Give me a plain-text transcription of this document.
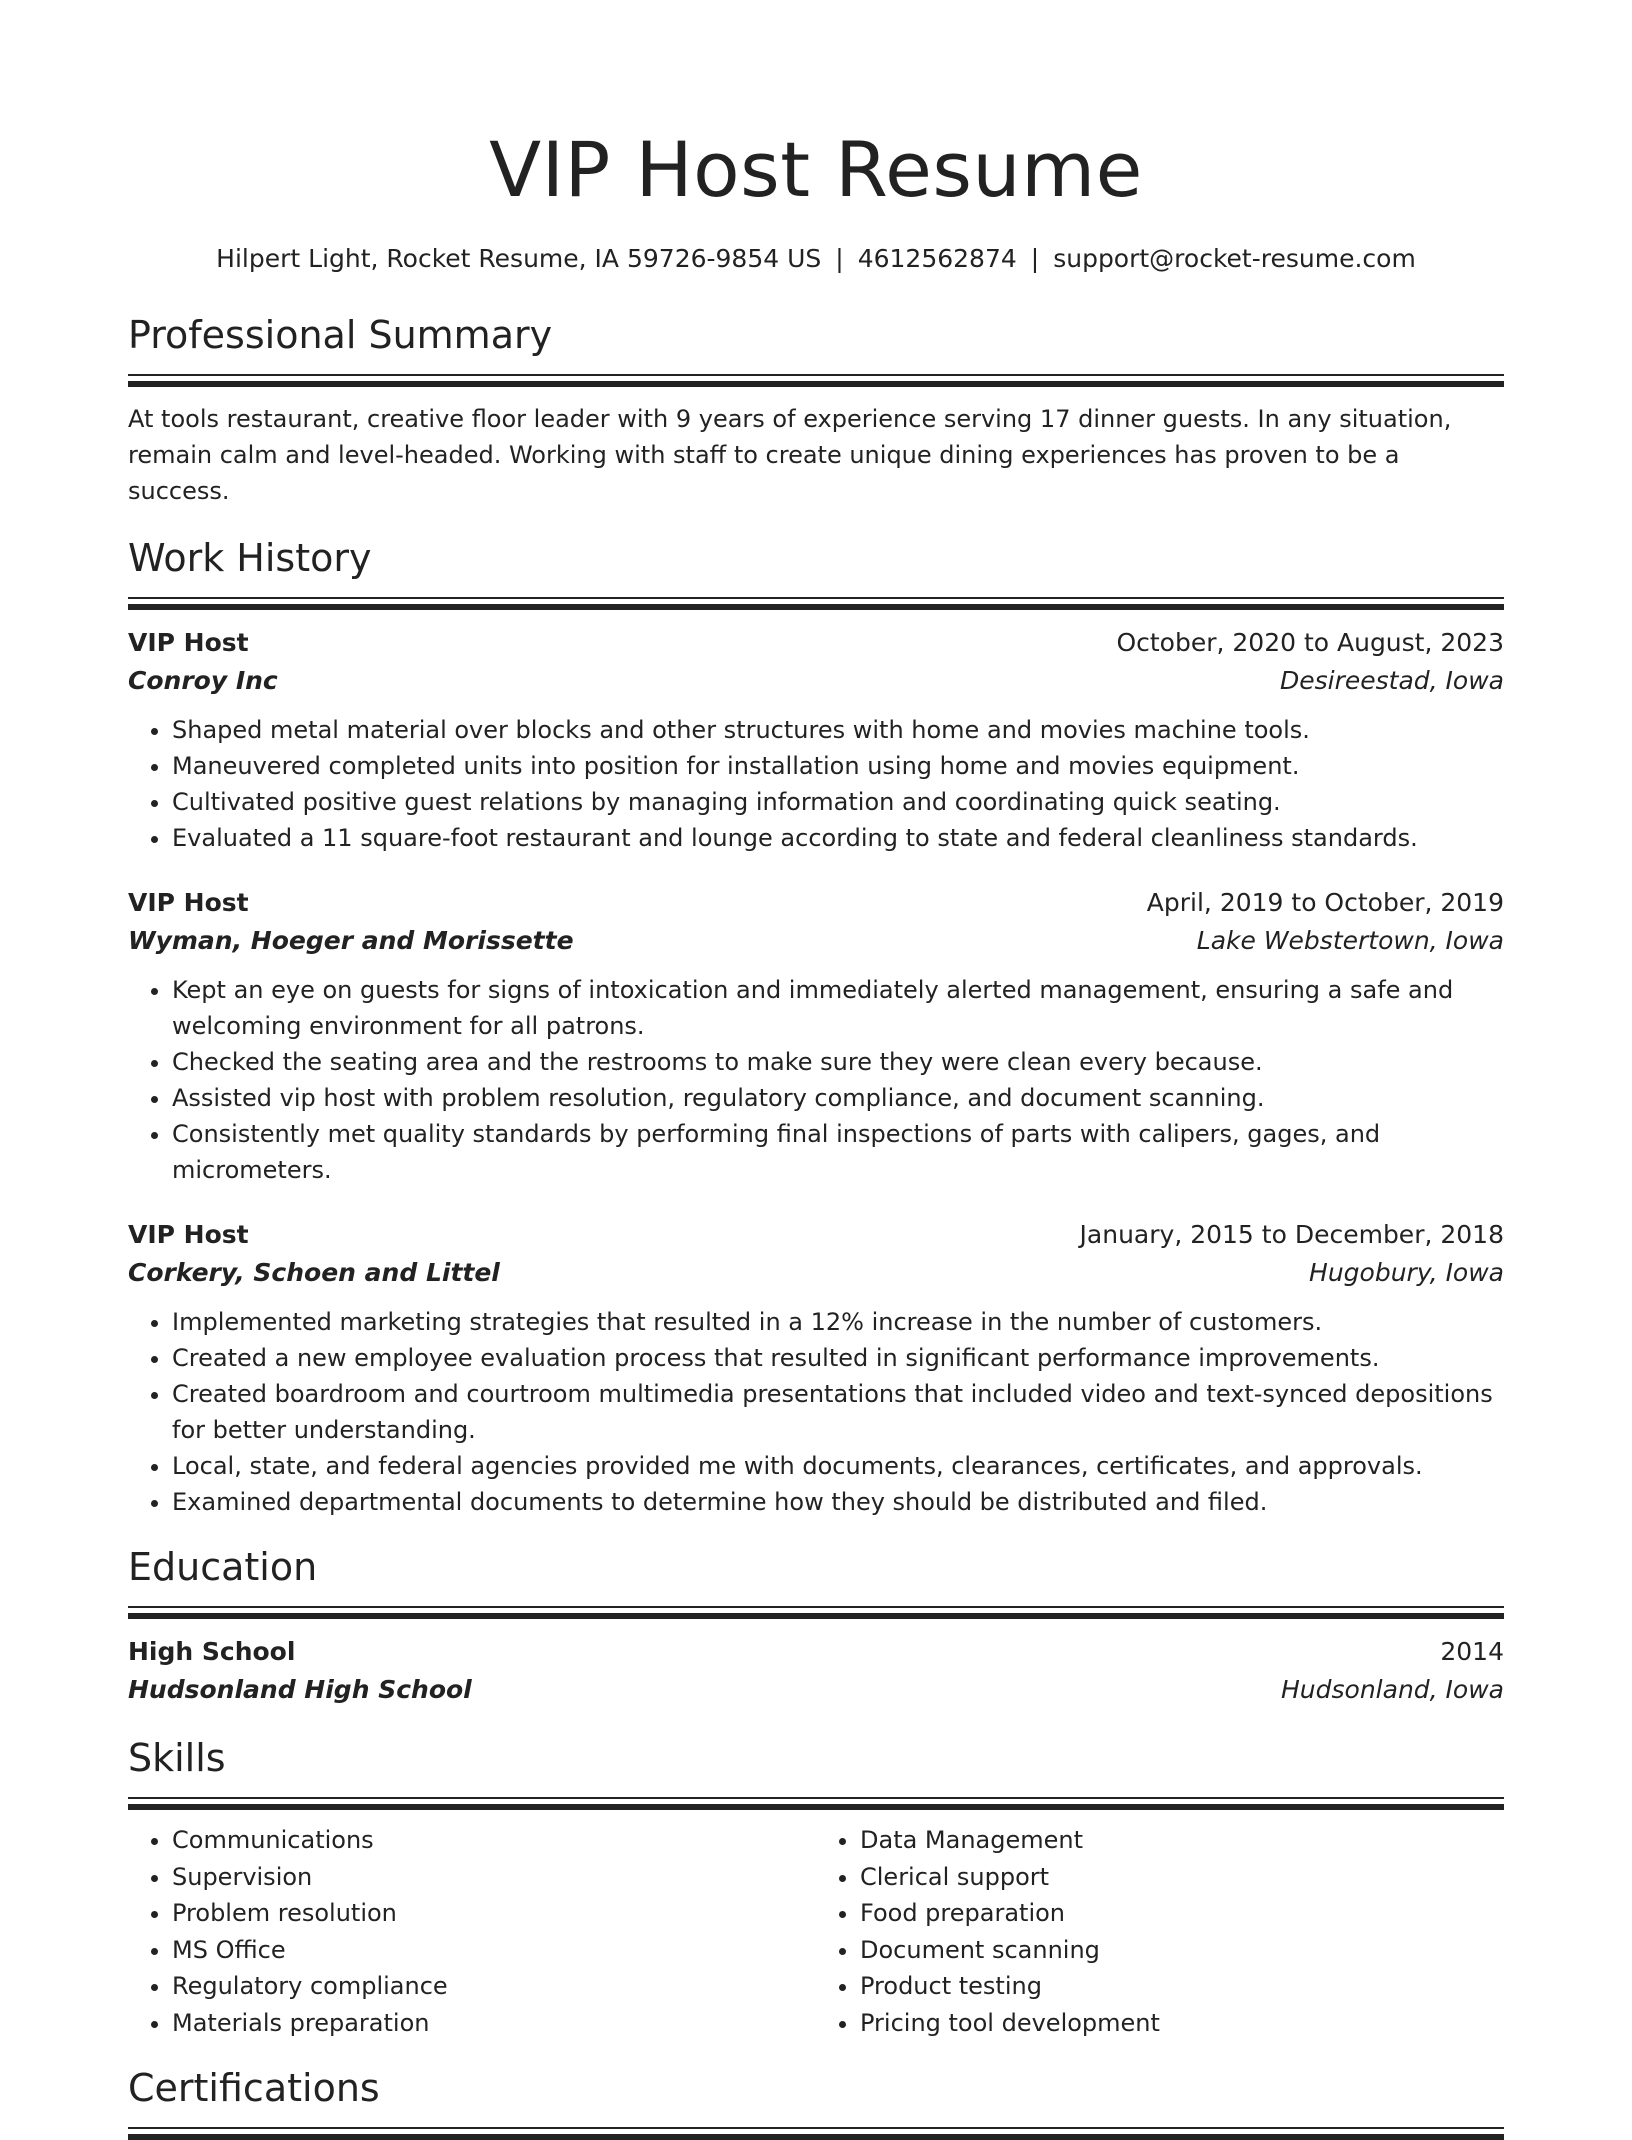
VIP Host Resume
Hilpert Light, Rocket Resume, IA 59726-9854 US | 4612562874 | support@rocket-resume.com
Professional Summary
At tools restaurant, creative floor leader with 9 years of experience serving 17 dinner guests. In any situation, remain calm and level-headed. Working with staff to create unique dining experiences has proven to be a success.
Work History
VIP Host	October, 2020 to August, 2023
Conroy Inc	Desireestad, Iowa
• Shaped metal material over blocks and other structures with home and movies machine tools.
• Maneuvered completed units into position for installation using home and movies equipment.
• Cultivated positive guest relations by managing information and coordinating quick seating.
• Evaluated a 11 square-foot restaurant and lounge according to state and federal cleanliness standards.
VIP Host	April, 2019 to October, 2019
Wyman, Hoeger and Morissette	Lake Webstertown, Iowa
• Kept an eye on guests for signs of intoxication and immediately alerted management, ensuring a safe and welcoming environment for all patrons.
• Checked the seating area and the restrooms to make sure they were clean every because.
• Assisted vip host with problem resolution, regulatory compliance, and document scanning.
• Consistently met quality standards by performing final inspections of parts with calipers, gages, and micrometers.
VIP Host	January, 2015 to December, 2018
Corkery, Schoen and Littel	Hugobury, Iowa
• Implemented marketing strategies that resulted in a 12% increase in the number of customers.
• Created a new employee evaluation process that resulted in significant performance improvements.
• Created boardroom and courtroom multimedia presentations that included video and text-synced depositions for better understanding.
• Local, state, and federal agencies provided me with documents, clearances, certificates, and approvals.
• Examined departmental documents to determine how they should be distributed and filed.
Education
High School	2014
Hudsonland High School	Hudsonland, Iowa
Skills
• Communications
• Supervision
• Problem resolution
• MS Office
• Regulatory compliance
• Materials preparation
• Data Management
• Clerical support
• Food preparation
• Document scanning
• Product testing
• Pricing tool development
Certifications
